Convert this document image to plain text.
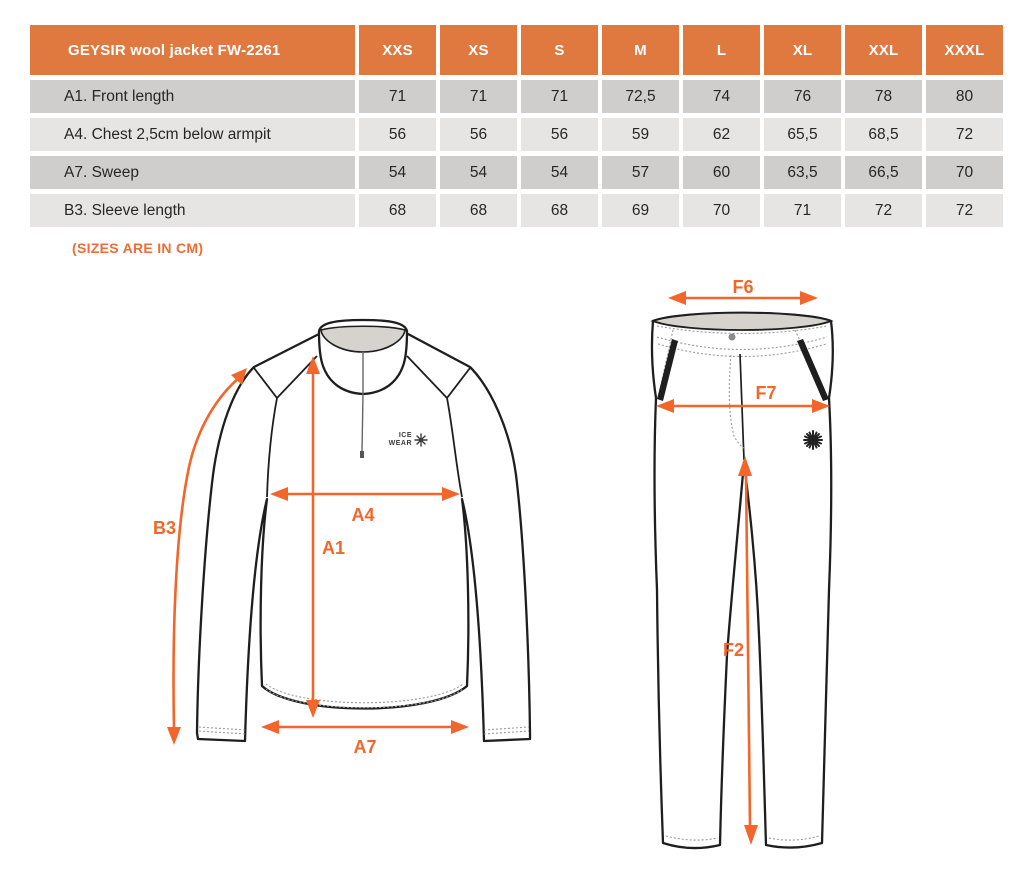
GEYSIR wool jacket FW-2261	XXS	XS	S	M	L	XL	XXL	XXXL
A1. Front length	71	71	71	72,5	74	76	78	80
A4. Chest 2,5cm below armpit	56	56	56	59	62	65,5	68,5	72
A7. Sweep	54	54	54	57	60	63,5	66,5	70
B3. Sleeve length	68	68	68	69	70	71	72	72
(SIZES ARE IN CM)
ICE
WEAR
B3
A1
A4
A7
F6
F7
F2
